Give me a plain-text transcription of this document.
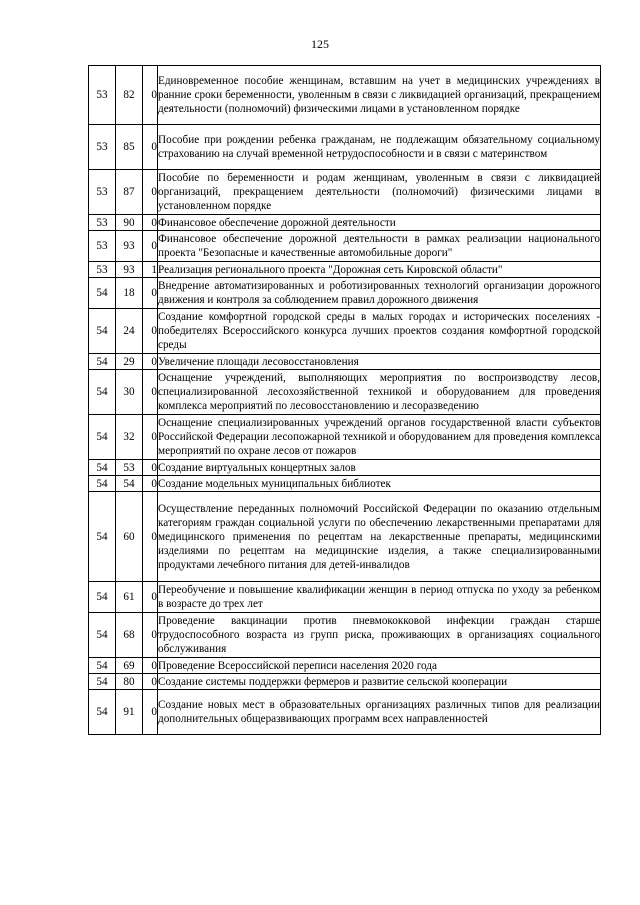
125
53	82	0	Единовременное пособие женщинам, вставшим на учет в медицинских учреждениях в ранние сроки беременности, уволенным в связи с ликвидацией организаций, прекращением деятельности (полномочий) физическими лицами в установленном порядке
53	85	0	Пособие при рождении ребенка гражданам, не подлежащим обязательному социальному страхованию на случай временной нетрудоспособности и в связи с материнством
53	87	0	Пособие по беременности и родам женщинам, уволенным в связи с ликвидацией организаций, прекращением деятельности (полномочий) физическими лицами в установленном порядке
53	90	0	Финансовое обеспечение дорожной деятельности
53	93	0	Финансовое обеспечение дорожной деятельности в рамках реализации национального проекта "Безопасные и качественные автомобильные дороги"
53	93	1	Реализация регионального проекта "Дорожная сеть Кировской области"
54	18	0	Внедрение автоматизированных и роботизированных технологий организации дорожного движения и контроля за соблюдением правил дорожного движения
54	24	0	Создание комфортной городской среды в малых городах и исторических поселениях - победителях Всероссийского конкурса лучших проектов создания комфортной городской среды
54	29	0	Увеличение площади лесовосстановления
54	30	0	Оснащение учреждений, выполняющих мероприятия по воспроизводству лесов, специализированной лесохозяйственной техникой и оборудованием для проведения комплекса мероприятий по лесовосстановлению и лесоразведению
54	32	0	Оснащение специализированных учреждений органов государственной власти субъектов Российской Федерации лесопожарной техникой и оборудованием для проведения комплекса мероприятий по охране лесов от пожаров
54	53	0	Создание виртуальных концертных залов
54	54	0	Создание модельных муниципальных библиотек
54	60	0	Осуществление переданных полномочий Российской Федерации по оказанию отдельным категориям граждан социальной услуги по обеспечению лекарственными препаратами для медицинского применения по рецептам на лекарственные препараты, медицинскими изделиями по рецептам на медицинские изделия, а также специализированными продуктами лечебного питания для детей-инвалидов
54	61	0	Переобучение и повышение квалификации женщин в период отпуска по уходу за ребенком в возрасте до трех лет
54	68	0	Проведение вакцинации против пневмококковой инфекции граждан старше трудоспособного возраста из групп риска, проживающих в организациях социального обслуживания
54	69	0	Проведение Всероссийской переписи населения 2020 года
54	80	0	Создание системы поддержки фермеров и развитие сельской кооперации
54	91	0	Создание новых мест в образовательных организациях различных типов для реализации дополнительных общеразвивающих программ всех направленностей
